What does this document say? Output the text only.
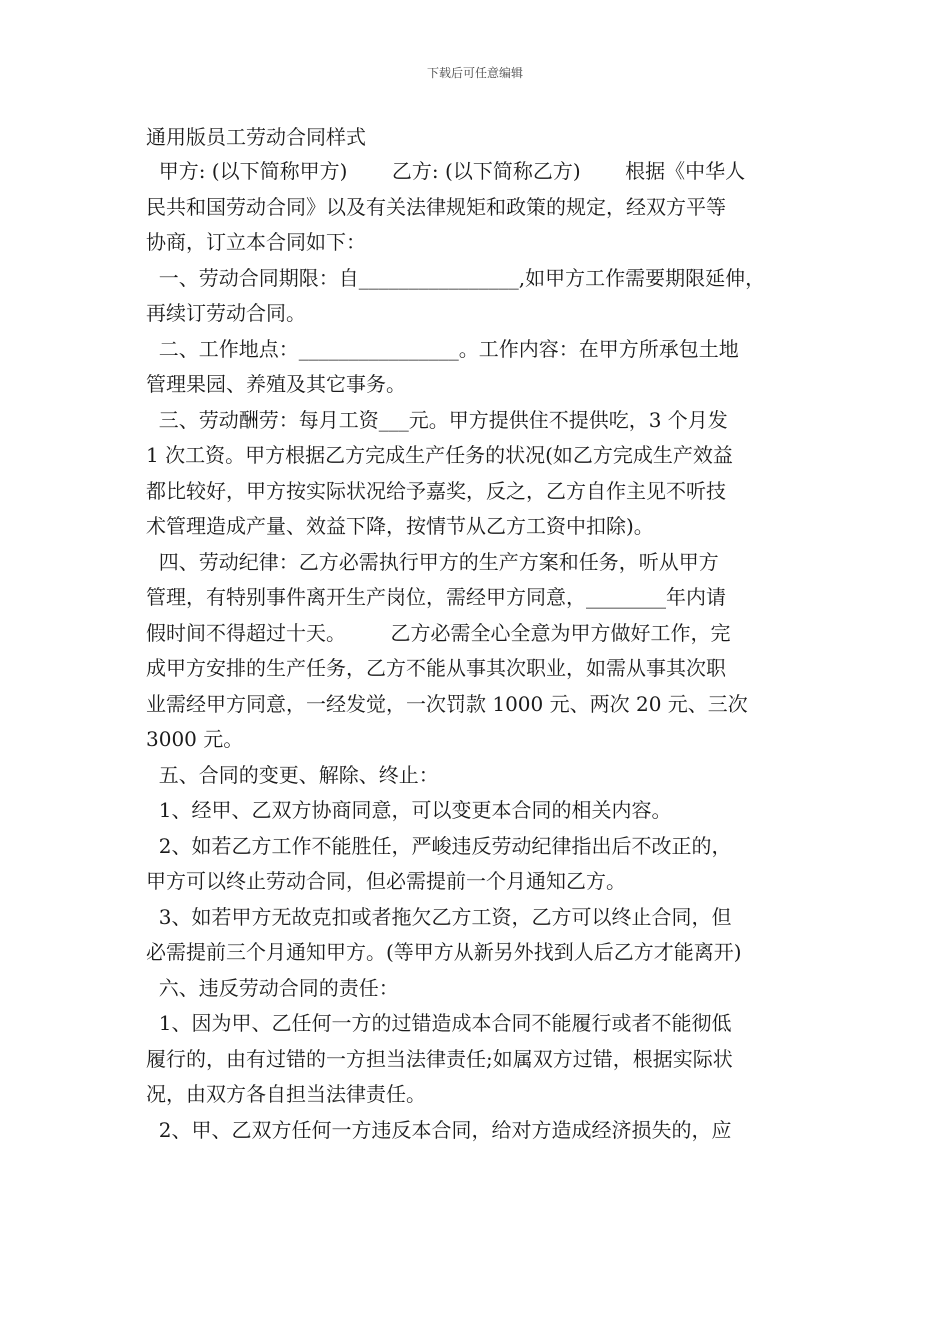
下载后可任意编辑
通用版员工劳动合同样式
甲方: (以下简称甲方)       乙方: (以下简称乙方)       根据《中华人
民共和国劳动合同》以及有关法律规矩和政策的规定，经双方平等
协商，订立本合同如下：
一、劳动合同期限：自________________,如甲方工作需要期限延伸，
再续订劳动合同。
二、工作地点：________________。工作内容：在甲方所承包土地
管理果园、养殖及其它事务。
三、劳动酬劳：每月工资___元。甲方提供住不提供吃，3 个月发
1 次工资。甲方根据乙方完成生产任务的状况(如乙方完成生产效益
都比较好，甲方按实际状况给予嘉奖，反之，乙方自作主见不听技
术管理造成产量、效益下降，按情节从乙方工资中扣除)。
四、劳动纪律：乙方必需执行甲方的生产方案和任务，听从甲方
管理，有特别事件离开生产岗位，需经甲方同意，________年内请
假时间不得超过十天。       乙方必需全心全意为甲方做好工作，完
成甲方安排的生产任务，乙方不能从事其次职业，如需从事其次职
业需经甲方同意，一经发觉，一次罚款 1000 元、两次 20 元、三次
3000 元。
五、合同的变更、解除、终止：
1、经甲、乙双方协商同意，可以变更本合同的相关内容。
2、如若乙方工作不能胜任，严峻违反劳动纪律指出后不改正的，
甲方可以终止劳动合同，但必需提前一个月通知乙方。
3、如若甲方无故克扣或者拖欠乙方工资，乙方可以终止合同，但
必需提前三个月通知甲方。(等甲方从新另外找到人后乙方才能离开)
六、违反劳动合同的责任：
1、因为甲、乙任何一方的过错造成本合同不能履行或者不能彻低
履行的，由有过错的一方担当法律责任;如属双方过错，根据实际状
况，由双方各自担当法律责任。
2、甲、乙双方任何一方违反本合同，给对方造成经济损失的，应
